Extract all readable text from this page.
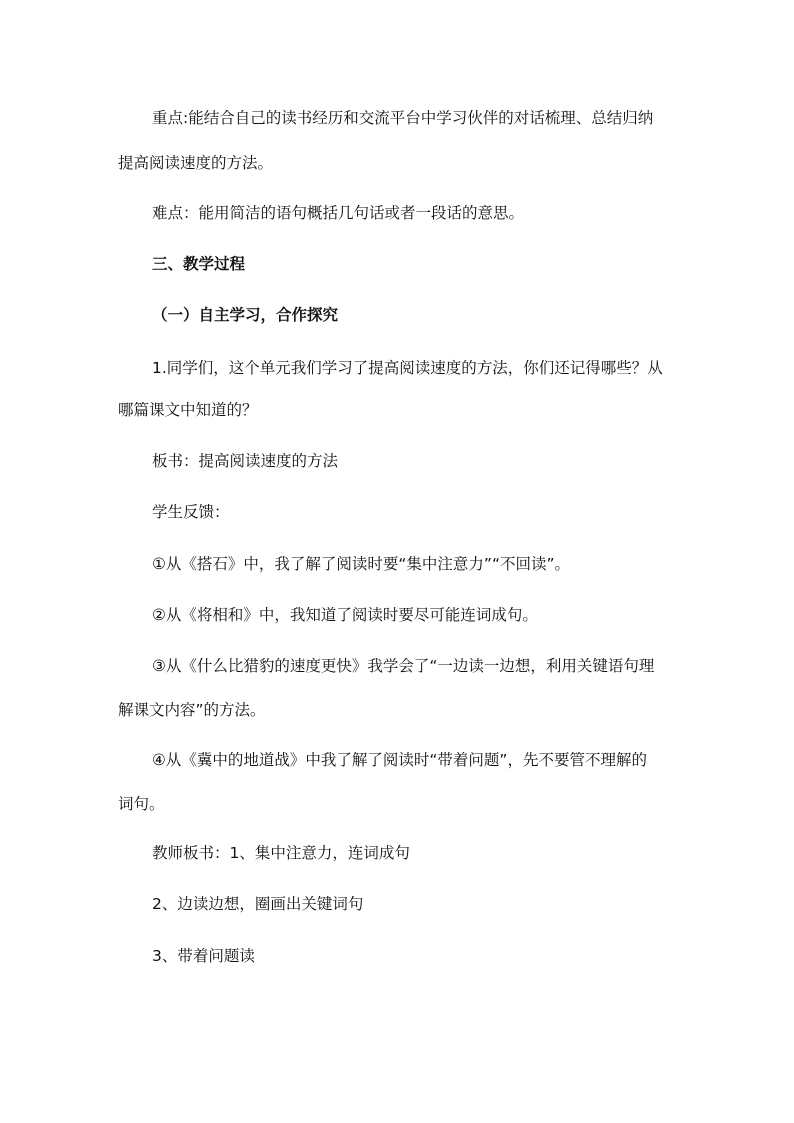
重点:能结合自己的读书经历和交流平台中学习伙伴的对话梳理、总结归纳
提高阅读速度的方法。
难点：能用简洁的语句概括几句话或者一段话的意思。
三、教学过程
（一）自主学习，合作探究
1.同学们，这个单元我们学习了提高阅读速度的方法，你们还记得哪些？从
哪篇课文中知道的？
板书：提高阅读速度的方法
学生反馈：
①从《搭石》中，我了解了阅读时要“集中注意力”“不回读”。
②从《将相和》中，我知道了阅读时要尽可能连词成句。
③从《什么比猎豹的速度更快》我学会了“一边读一边想，利用关键语句理
解课文内容”的方法。
④从《冀中的地道战》中我了解了阅读时“带着问题”，先不要管不理解的
词句。
教师板书：1、集中注意力，连词成句
2、边读边想，圈画出关键词句
3、带着问题读
